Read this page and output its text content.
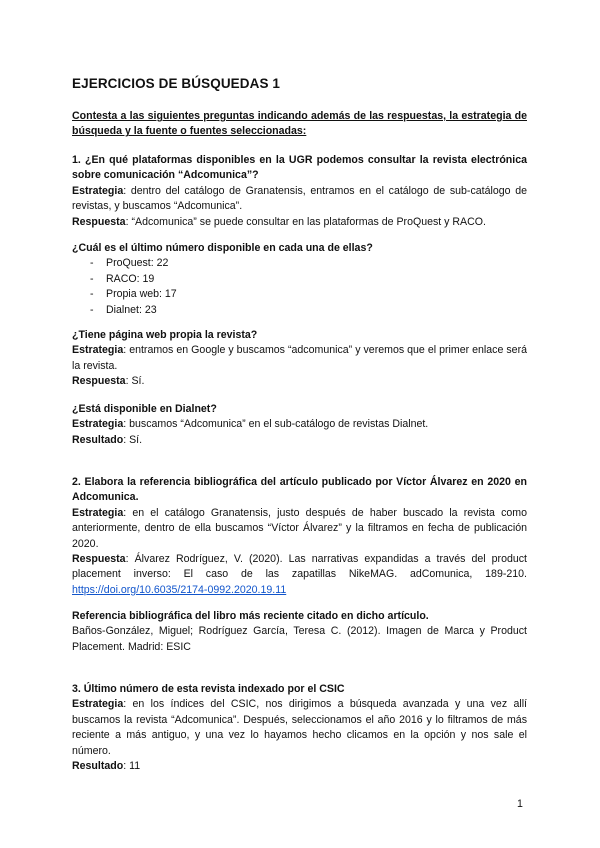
EJERCICIOS DE BÚSQUEDAS 1
Contesta a las siguientes preguntas indicando además de las respuestas, la estrategia de búsqueda y la fuente o fuentes seleccionadas:
1. ¿En qué plataformas disponibles en la UGR podemos consultar la revista electrónica sobre comunicación “Adcomunica”?
Estrategia: dentro del catálogo de Granatensis, entramos en el catálogo de sub-catálogo de revistas, y buscamos “Adcomunica”.
Respuesta: “Adcomunica” se puede consultar en las plataformas de ProQuest y RACO.
¿Cuál es el último número disponible en cada una de ellas?
- ProQuest: 22
- RACO: 19
- Propia web: 17
- Dialnet: 23
¿Tiene página web propia la revista?
Estrategia: entramos en Google y buscamos “adcomunica” y veremos que el primer enlace será la revista.
Respuesta: Sí.
¿Está disponible en Dialnet?
Estrategia: buscamos “Adcomunica” en el sub-catálogo de revistas Dialnet.
Resultado: Sí.
2. Elabora la referencia bibliográfica del artículo publicado por Víctor Álvarez en 2020 en Adcomunica.
Estrategia: en el catálogo Granatensis, justo después de haber buscado la revista como anteriormente, dentro de ella buscamos “Víctor Álvarez” y la filtramos en fecha de publicación 2020.
Respuesta: Álvarez Rodríguez, V. (2020). Las narrativas expandidas a través del product placement inverso: El caso de las zapatillas NikeMAG. adComunica, 189-210. https://doi.org/10.6035/2174-0992.2020.19.11
Referencia bibliográfica del libro más reciente citado en dicho artículo.
Baños-González, Miguel; Rodríguez García, Teresa C. (2012). Imagen de Marca y Product Placement. Madrid: ESIC
3. Último número de esta revista indexado por el CSIC
Estrategia: en los índices del CSIC, nos dirigimos a búsqueda avanzada y una vez allí buscamos la revista “Adcomunica”. Después, seleccionamos el año 2016 y lo filtramos de más reciente a más antiguo, y una vez lo hayamos hecho clicamos en la opción y nos sale el número.
Resultado: 11
1
